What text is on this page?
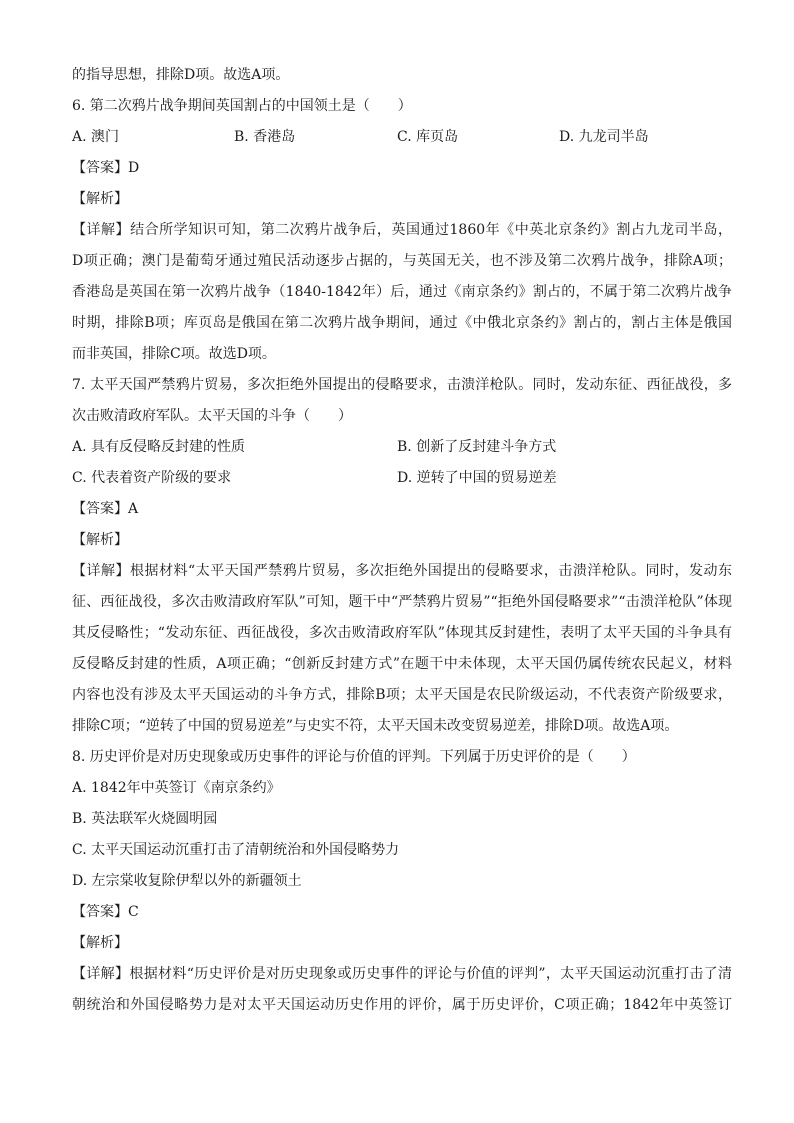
的指导思想，排除D项。故选A项。
6. 第二次鸦片战争期间英国割占的中国领土是（　　）
A. 澳门	B. 香港岛	C. 库页岛	D. 九龙司半岛
【答案】D
【解析】
【详解】结合所学知识可知，第二次鸦片战争后，英国通过1860年《中英北京条约》割占九龙司半岛，
D项正确；澳门是葡萄牙通过殖民活动逐步占据的，与英国无关，也不涉及第二次鸦片战争，排除A项；
香港岛是英国在第一次鸦片战争（1840-1842年）后，通过《南京条约》割占的，不属于第二次鸦片战争
时期，排除B项；库页岛是俄国在第二次鸦片战争期间，通过《中俄北京条约》割占的，割占主体是俄国
而非英国，排除C项。故选D项。
7. 太平天国严禁鸦片贸易，多次拒绝外国提出的侵略要求，击溃洋枪队。同时，发动东征、西征战役，多
次击败清政府军队。太平天国的斗争（　　）
A. 具有反侵略反封建的性质	B. 创新了反封建斗争方式
C. 代表着资产阶级的要求	D. 逆转了中国的贸易逆差
【答案】A
【解析】
【详解】根据材料“太平天国严禁鸦片贸易，多次拒绝外国提出的侵略要求，击溃洋枪队。同时，发动东
征、西征战役，多次击败清政府军队”可知，题干中“严禁鸦片贸易”“拒绝外国侵略要求”“击溃洋枪队”体现
其反侵略性；“发动东征、西征战役，多次击败清政府军队”体现其反封建性，表明了太平天国的斗争具有
反侵略反封建的性质，A项正确；“创新反封建方式”在题干中未体现，太平天国仍属传统农民起义，材料
内容也没有涉及太平天国运动的斗争方式，排除B项；太平天国是农民阶级运动，不代表资产阶级要求，
排除C项；“逆转了中国的贸易逆差”与史实不符，太平天国未改变贸易逆差，排除D项。故选A项。
8. 历史评价是对历史现象或历史事件的评论与价值的评判。下列属于历史评价的是（　　）
A. 1842年中英签订《南京条约》
B. 英法联军火烧圆明园
C. 太平天国运动沉重打击了清朝统治和外国侵略势力
D. 左宗棠收复除伊犁以外的新疆领土
【答案】C
【解析】
【详解】根据材料“历史评价是对历史现象或历史事件的评论与价值的评判”，太平天国运动沉重打击了清
朝统治和外国侵略势力是对太平天国运动历史作用的评价，属于历史评价，C项正确；1842年中英签订
